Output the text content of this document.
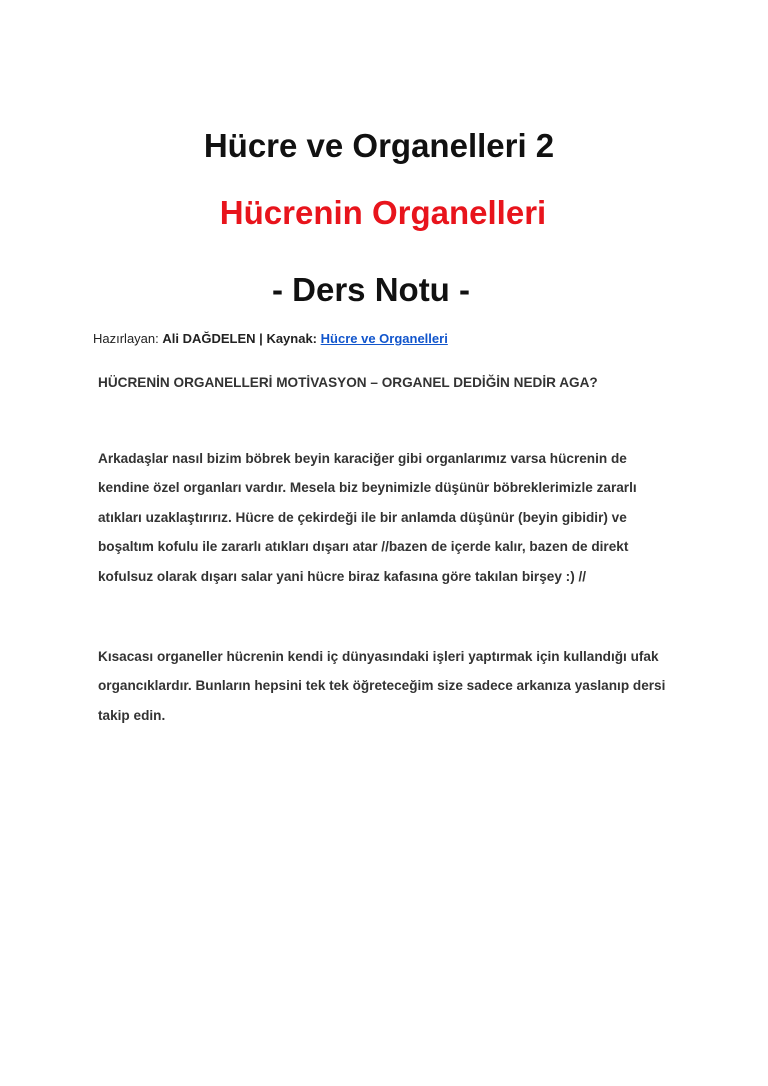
Hücre ve Organelleri 2
Hücrenin Organelleri
- Ders Notu -
Hazırlayan: Ali DAĞDELEN | Kaynak: Hücre ve Organelleri

HÜCRENİN ORGANELLERİ MOTİVASYON – ORGANEL DEDİĞİN NEDİR AGA?

Arkadaşlar nasıl bizim böbrek beyin karaciğer gibi organlarımız varsa hücrenin de kendine özel organları vardır. Mesela biz beynimizle düşünür böbreklerimizle zararlı atıkları uzaklaştırırız. Hücre de çekirdeği ile bir anlamda düşünür (beyin gibidir) ve boşaltım kofulu ile zararlı atıkları dışarı atar //bazen de içerde kalır, bazen de direkt kofulsuz olarak dışarı salar yani hücre biraz kafasına göre takılan birşey :) //

Kısacası organeller hücrenin kendi iç dünyasındaki işleri yaptırmak için kullandığı ufak organcıklardır. Bunların hepsini tek tek öğreteceğim size sadece arkanıza yaslanıp dersi takip edin.
